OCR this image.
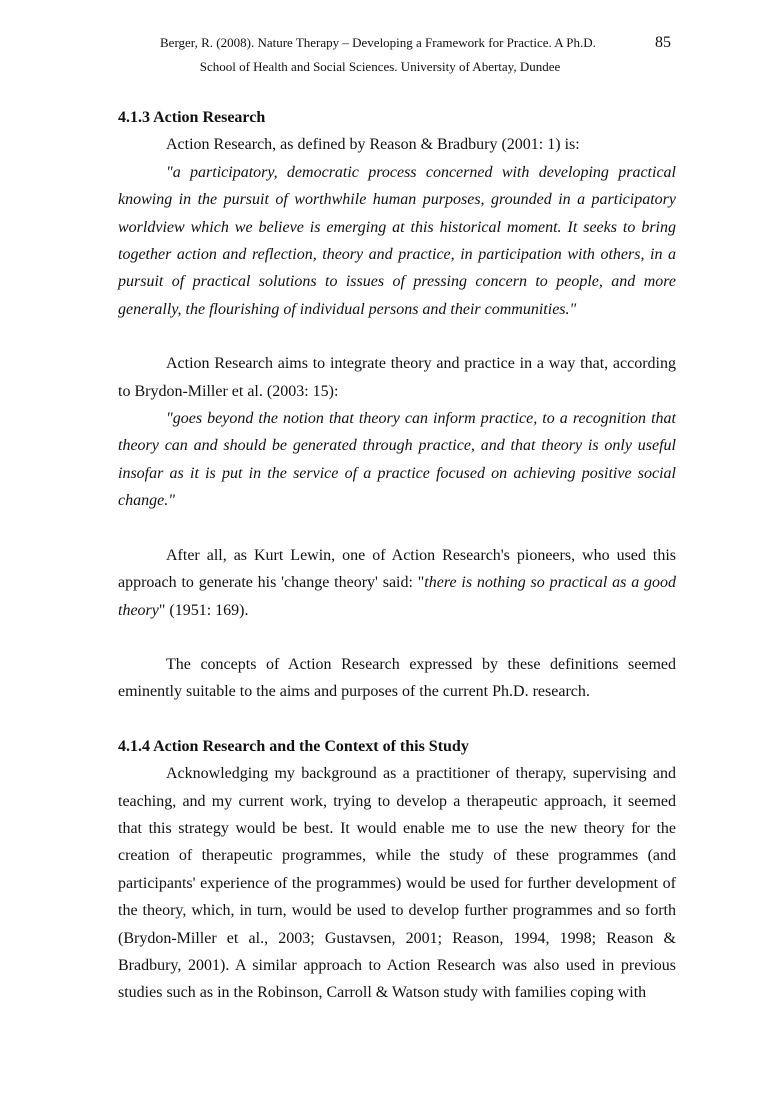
Berger, R. (2008). Nature Therapy – Developing a Framework for Practice. A Ph.D.	85
School of Health and Social Sciences. University of Abertay, Dundee
4.1.3 Action Research

Action Research, as defined by Reason & Bradbury (2001: 1) is:

"a participatory, democratic process concerned with developing practical knowing in the pursuit of worthwhile human purposes, grounded in a participatory worldview which we believe is emerging at this historical moment. It seeks to bring together action and reflection, theory and practice, in participation with others, in a pursuit of practical solutions to issues of pressing concern to people, and more generally, the flourishing of individual persons and their communities."

Action Research aims to integrate theory and practice in a way that, according to Brydon-Miller et al. (2003: 15):

"goes beyond the notion that theory can inform practice, to a recognition that theory can and should be generated through practice, and that theory is only useful insofar as it is put in the service of a practice focused on achieving positive social change."

After all, as Kurt Lewin, one of Action Research's pioneers, who used this approach to generate his 'change theory' said: "there is nothing so practical as a good theory" (1951: 169).

The concepts of Action Research expressed by these definitions seemed eminently suitable to the aims and purposes of the current Ph.D. research.

4.1.4 Action Research and the Context of this Study

Acknowledging my background as a practitioner of therapy, supervising and teaching, and my current work, trying to develop a therapeutic approach, it seemed that this strategy would be best. It would enable me to use the new theory for the creation of therapeutic programmes, while the study of these programmes (and participants' experience of the programmes) would be used for further development of the theory, which, in turn, would be used to develop further programmes and so forth (Brydon-Miller et al., 2003; Gustavsen, 2001; Reason, 1994, 1998; Reason & Bradbury, 2001). A similar approach to Action Research was also used in previous studies such as in the Robinson, Carroll & Watson study with families coping with
